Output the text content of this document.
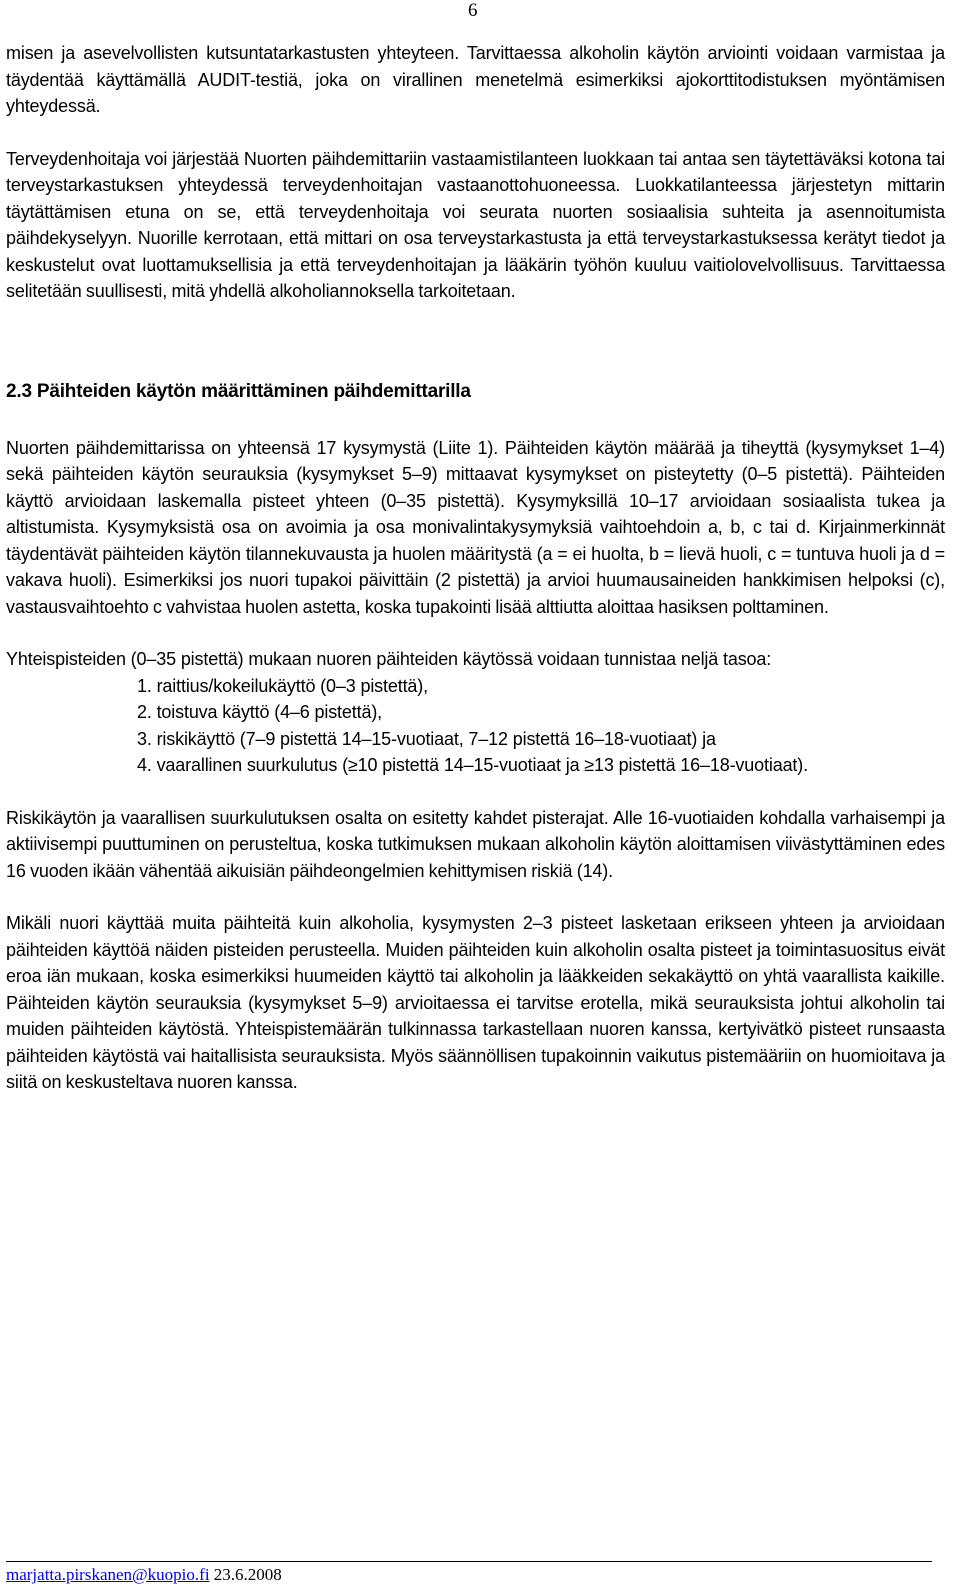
6

misen ja asevelvollisten kutsuntatarkastusten yhteyteen. Tarvittaessa alkoholin käytön arviointi voidaan varmistaa ja täydentää käyttämällä AUDIT-testiä, joka on virallinen menetelmä esimerkiksi ajokorttitodistuksen myöntämisen yhteydessä.

Terveydenhoitaja voi järjestää Nuorten päihdemittariin vastaamistilanteen luokkaan tai antaa sen täytettäväksi kotona tai terveystarkastuksen yhteydessä terveydenhoitajan vastaanottohuoneessa. Luokkatilanteessa järjestetyn mittarin täytättämisen etuna on se, että terveydenhoitaja voi seurata nuorten sosiaalisia suhteita ja asennoitumista päihdekyselyyn. Nuorille kerrotaan, että mittari on osa terveystarkastusta ja että terveystarkastuksessa kerätyt tiedot ja keskustelut ovat luottamuksellisia ja että terveydenhoitajan ja lääkärin työhön kuuluu vaitiolovelvollisuus. Tarvittaessa selitetään suullisesti, mitä yhdellä alkoholiannoksella tarkoitetaan.

2.3 Päihteiden käytön määrittäminen päihdemittarilla

Nuorten päihdemittarissa on yhteensä 17 kysymystä (Liite 1). Päihteiden käytön määrää ja tiheyttä (kysymykset 1–4) sekä päihteiden käytön seurauksia (kysymykset 5–9) mittaavat kysymykset on pisteytetty (0–5 pistettä). Päihteiden käyttö arvioidaan laskemalla pisteet yhteen (0–35 pistettä). Kysymyksillä 10–17 arvioidaan sosiaalista tukea ja altistumista. Kysymyksistä osa on avoimia ja osa monivalintakysymyksiä vaihtoehdoin a, b, c tai d. Kirjainmerkinnät täydentävät päihteiden käytön tilannekuvausta ja huolen määritystä (a = ei huolta, b = lievä huoli, c = tuntuva huoli ja d = vakava huoli). Esimerkiksi jos nuori tupakoi päivittäin (2 pistettä) ja arvioi huumausaineiden hankkimisen helpoksi (c), vastausvaihtoehto c vahvistaa huolen astetta, koska tupakointi lisää alttiutta aloittaa hasiksen polttaminen.

Yhteispisteiden (0–35 pistettä) mukaan nuoren päihteiden käytössä voidaan tunnistaa neljä tasoa:

1. raittius/kokeilukäyttö (0–3 pistettä),
2. toistuva käyttö (4–6 pistettä),
3. riskikäyttö (7–9 pistettä 14–15-vuotiaat, 7–12 pistettä 16–18-vuotiaat) ja
4. vaarallinen suurkulutus (≥10 pistettä 14–15-vuotiaat ja ≥13 pistettä 16–18-vuotiaat).

Riskikäytön ja vaarallisen suurkulutuksen osalta on esitetty kahdet pisterajat. Alle 16-vuotiaiden kohdalla varhaisempi ja aktiivisempi puuttuminen on perusteltua, koska tutkimuksen mukaan alkoholin käytön aloittamisen viivästyttäminen edes 16 vuoden ikään vähentää aikuisiän päihdeongelmien kehittymisen riskiä (14).

Mikäli nuori käyttää muita päihteitä kuin alkoholia, kysymysten 2–3 pisteet lasketaan erikseen yhteen ja arvioidaan päihteiden käyttöä näiden pisteiden perusteella. Muiden päihteiden kuin alkoholin osalta pisteet ja toimintasuositus eivät eroa iän mukaan, koska esimerkiksi huumeiden käyttö tai alkoholin ja lääkkeiden sekakäyttö on yhtä vaarallista kaikille. Päihteiden käytön seurauksia (kysymykset 5–9) arvioitaessa ei tarvitse erotella, mikä seurauksista johtui alkoholin tai muiden päihteiden käytöstä. Yhteispistemäärän tulkinnassa tarkastellaan nuoren kanssa, kertyivätkö pisteet runsaasta päihteiden käytöstä vai haitallisista seurauksista. Myös säännöllisen tupakoinnin vaikutus pistemääriin on huomioitava ja siitä on keskusteltava nuoren kanssa.

marjatta.pirskanen@kuopio.fi 23.6.2008
